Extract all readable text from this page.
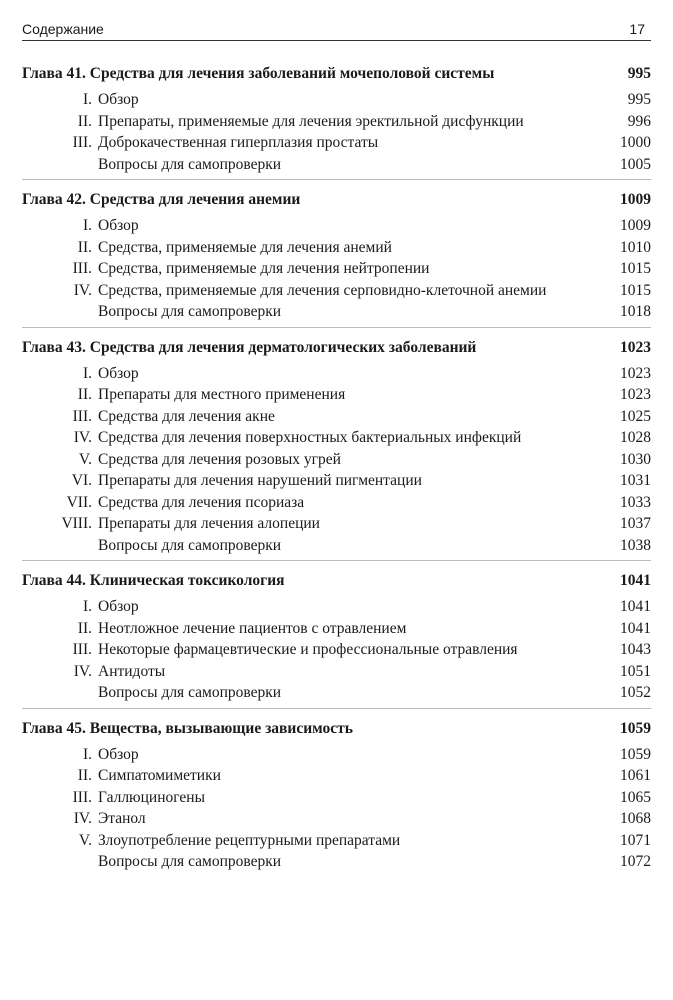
Содержание	17
Глава 41. Средства для лечения заболеваний мочеполовой системы	995
I. Обзор	995
II. Препараты, применяемые для лечения эректильной дисфункции	996
III. Доброкачественная гиперплазия простаты	1000
Вопросы для самопроверки	1005
Глава 42. Средства для лечения анемии	1009
I. Обзор	1009
II. Средства, применяемые для лечения анемий	1010
III. Средства, применяемые для лечения нейтропении	1015
IV. Средства, применяемые для лечения серповидно-клеточной анемии	1015
Вопросы для самопроверки	1018
Глава 43. Средства для лечения дерматологических заболеваний	1023
I. Обзор	1023
II. Препараты для местного применения	1023
III. Средства для лечения акне	1025
IV. Средства для лечения поверхностных бактериальных инфекций	1028
V. Средства для лечения розовых угрей	1030
VI. Препараты для лечения нарушений пигментации	1031
VII. Средства для лечения псориаза	1033
VIII. Препараты для лечения алопеции	1037
Вопросы для самопроверки	1038
Глава 44. Клиническая токсикология	1041
I. Обзор	1041
II. Неотложное лечение пациентов с отравлением	1041
III. Некоторые фармацевтические и профессиональные отравления	1043
IV. Антидоты	1051
Вопросы для самопроверки	1052
Глава 45. Вещества, вызывающие зависимость	1059
I. Обзор	1059
II. Симпатомиметики	1061
III. Галлюциногены	1065
IV. Этанол	1068
V. Злоупотребление рецептурными препаратами	1071
Вопросы для самопроверки	1072
